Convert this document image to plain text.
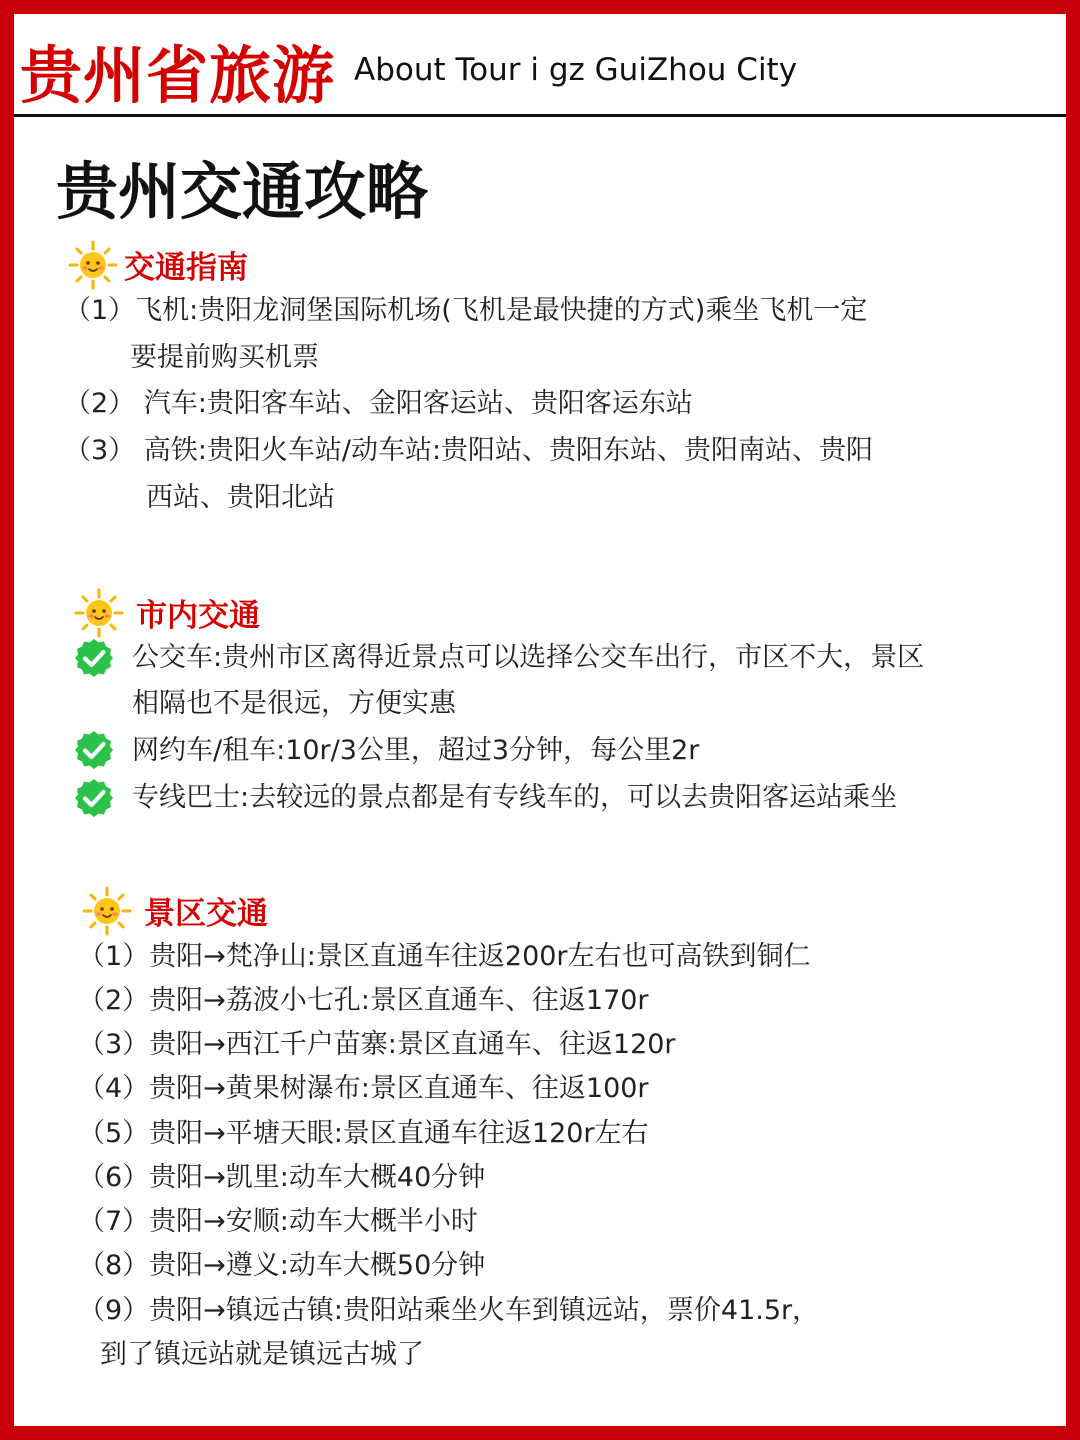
贵州省旅游 About Tour i gz GuiZhou City
贵州交通攻略
交通指南
（1）飞机:贵阳龙洞堡国际机场(飞机是最快捷的方式)乘坐飞机一定
要提前购买机票
（2） 汽车:贵阳客车站、金阳客运站、贵阳客运东站
（3） 高铁:贵阳火车站/动车站:贵阳站、贵阳东站、贵阳南站、贵阳
西站、贵阳北站
市内交通
公交车:贵州市区离得近景点可以选择公交车出行，市区不大，景区
相隔也不是很远，方便实惠
网约车/租车:10r/3公里，超过3分钟，每公里2r
专线巴士:去较远的景点都是有专线车的，可以去贵阳客运站乘坐
景区交通
（1）贵阳→梵净山:景区直通车往返200r左右也可高铁到铜仁
（2）贵阳→荔波小七孔:景区直通车、往返170r
（3）贵阳→西江千户苗寨:景区直通车、往返120r
（4）贵阳→黄果树瀑布:景区直通车、往返100r
（5）贵阳→平塘天眼:景区直通车往返120r左右
（6）贵阳→凯里:动车大概40分钟
（7）贵阳→安顺:动车大概半小时
（8）贵阳→遵义:动车大概50分钟
（9）贵阳→镇远古镇:贵阳站乘坐火车到镇远站，票价41.5r，
到了镇远站就是镇远古城了
